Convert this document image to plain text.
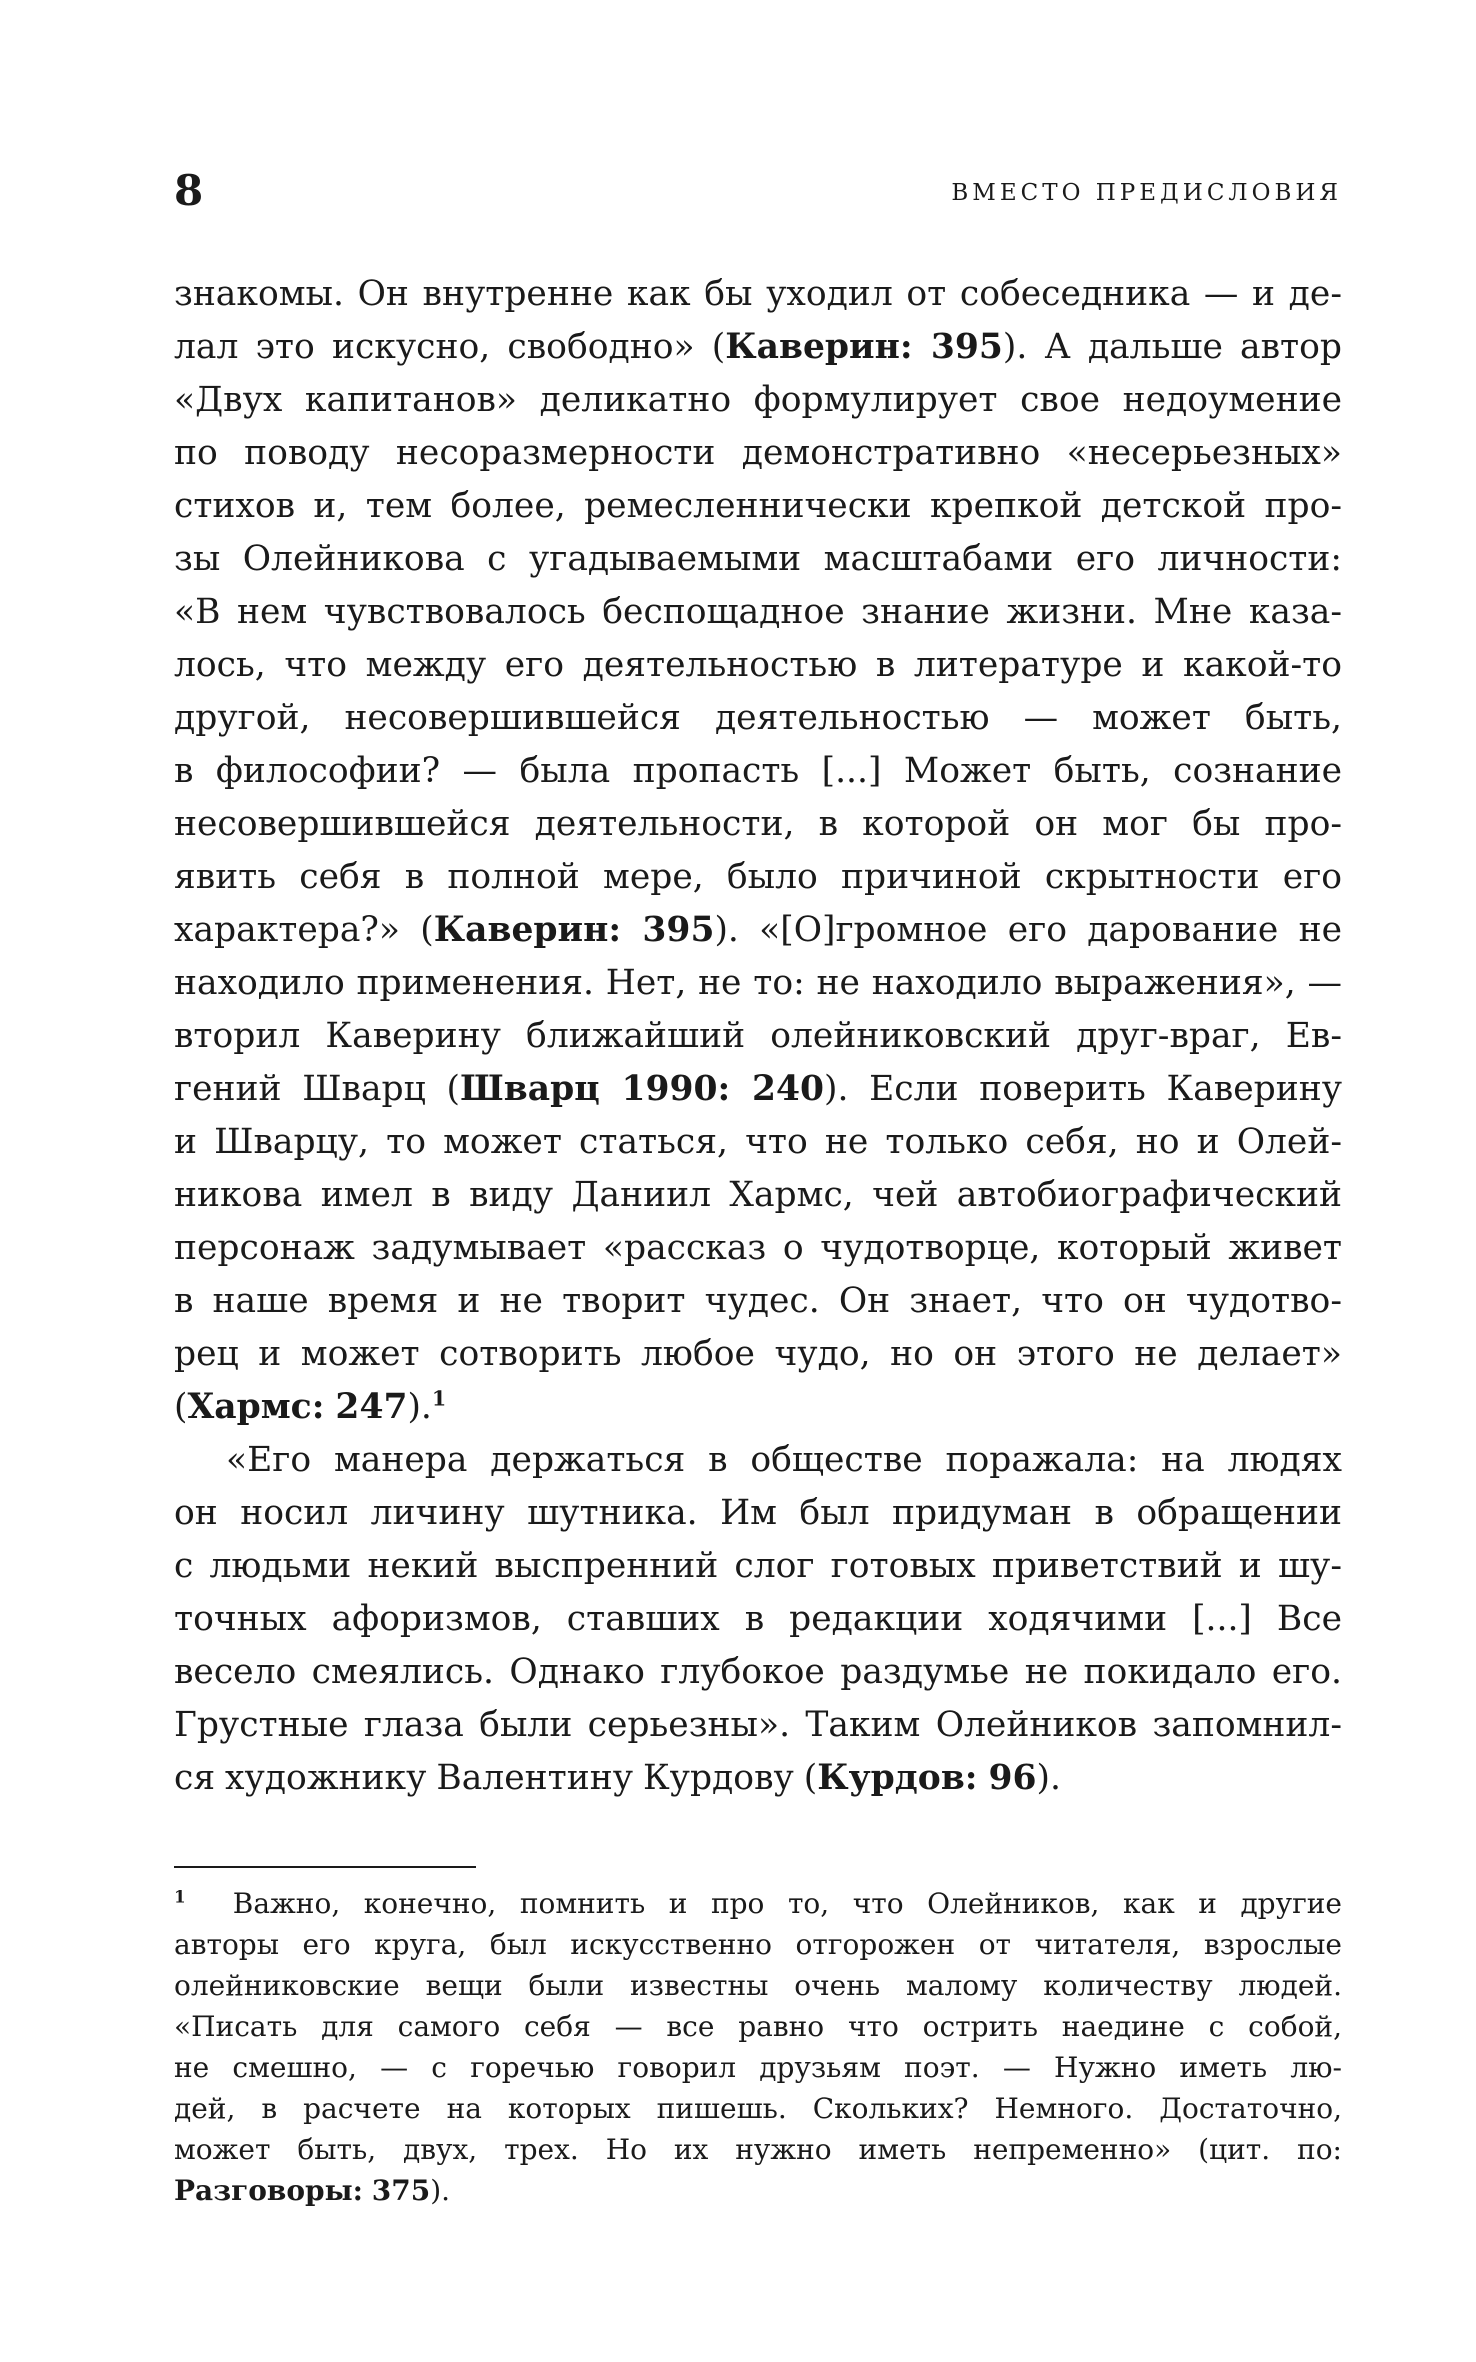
8	ВМЕСТО ПРЕДИСЛОВИЯ
знакомы. Он внутренне как бы уходил от собеседника — и де-
лал это искусно, свободно» (Каверин: 395). А дальше автор
«Двух капитанов» деликатно формулирует свое недоумение
по поводу несоразмерности демонстративно «несерьезных»
стихов и, тем более, ремесленнически крепкой детской про-
зы Олейникова с угадываемыми масштабами его личности:
«В нем чувствовалось беспощадное знание жизни. Мне каза-
лось, что между его деятельностью в литературе и какой-то
другой, несовершившейся деятельностью — может быть,
в философии? — была пропасть [...] Может быть, сознание
несовершившейся деятельности, в которой он мог бы про-
явить себя в полной мере, было причиной скрытности его
характера?» (Каверин: 395). «[О]громное его дарование не
находило применения. Нет, не то: не находило выражения», —
вторил Каверину ближайший олейниковский друг-враг, Ев-
гений Шварц (Шварц 1990: 240). Если поверить Каверину
и Шварцу, то может статься, что не только себя, но и Олей-
никова имел в виду Даниил Хармс, чей автобиографический
персонаж задумывает «рассказ о чудотворце, который живет
в наше время и не творит чудес. Он знает, что он чудотво-
рец и может сотворить любое чудо, но он этого не делает»
(Хармс: 247).$^1$
«Его манера держаться в обществе поражала: на людях
он носил личину шутника. Им был придуман в обращении
с людьми некий выспренний слог готовых приветствий и шу-
точных афоризмов, ставших в редакции ходячими [...] Все
весело смеялись. Однако глубокое раздумье не покидало его.
Грустные глаза были серьезны». Таким Олейников запомнил-
ся художнику Валентину Курдову (Курдов: 96).
$^1$ Важно, конечно, помнить и про то, что Олейников, как и другие
авторы его круга, был искусственно отгорожен от читателя, взрослые
олейниковские вещи были известны очень малому количеству людей.
«Писать для самого себя — все равно что острить наедине с собой,
не смешно, — с горечью говорил друзьям поэт. — Нужно иметь лю-
дей, в расчете на которых пишешь. Скольких? Немного. Достаточно,
может быть, двух, трех. Но их нужно иметь непременно» (цит. по:
Разговоры: 375).
